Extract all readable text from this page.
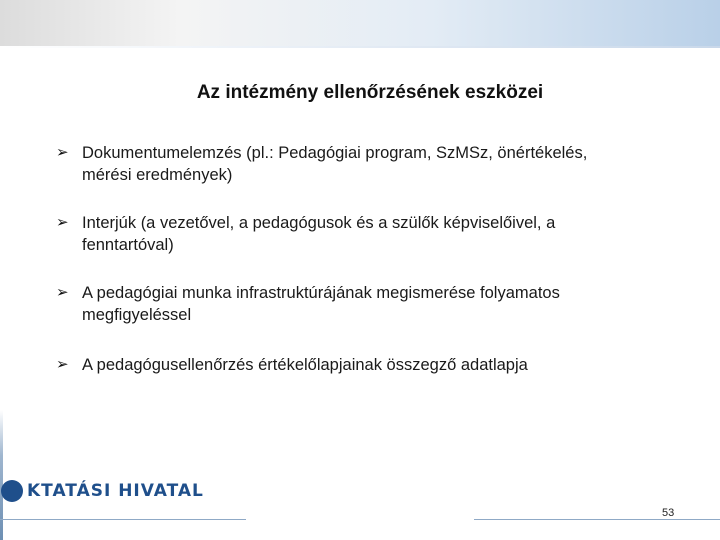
Az intézmény ellenőrzésének eszközei
➢ Dokumentumelemzés (pl.: Pedagógiai program, SzMSz, önértékelés,
mérési eredmények)
➢ Interjúk (a vezetővel, a pedagógusok és a szülők képviselőivel, a
fenntartóval)
➢ A pedagógiai munka infrastruktúrájának megismerése folyamatos
megfigyeléssel
➢ A pedagógusellenőrzés értékelőlapjainak összegző adatlapja
KTATÁSI HIVATAL
53
